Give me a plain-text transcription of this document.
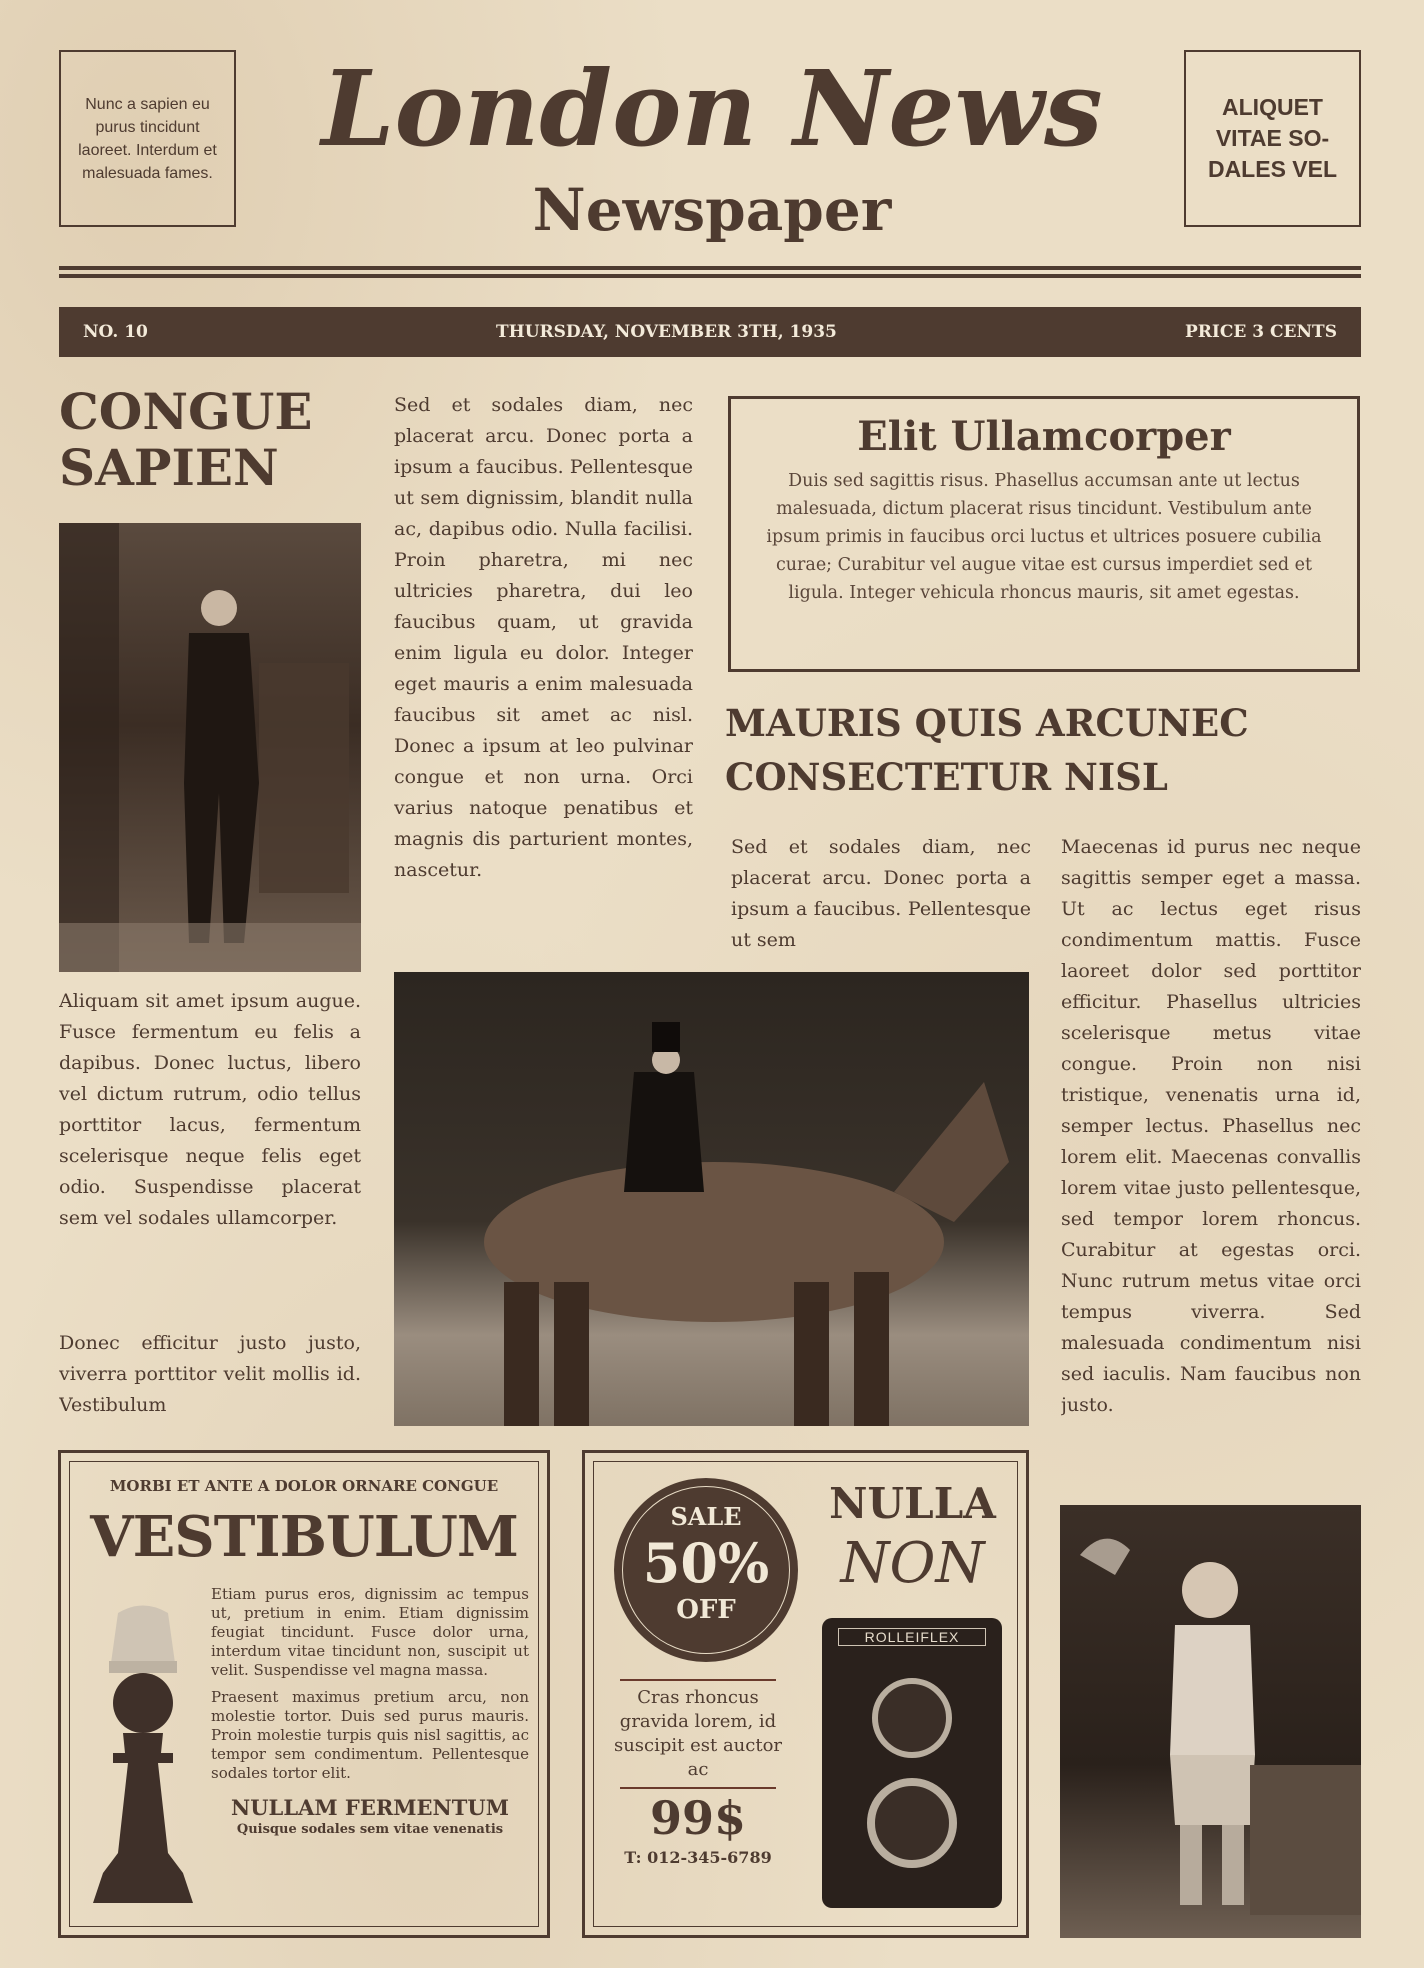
Nunc a sapien eu purus tincidunt laoreet. Interdum et malesuada fames.
London News
Newspaper
ALIQUET VITAE SO-DALES VEL
NO. 10	THURSDAY, NOVEMBER 3TH, 1935	PRICE 3 CENTS
CONGUE SAPIEN
Sed et sodales diam, nec placerat arcu. Donec porta a ipsum a faucibus. Pellentesque ut sem dignissim, blandit nulla ac, dapibus odio. Nulla facilisi. Proin pharetra, mi nec ultricies pharetra, dui leo faucibus quam, ut gravida enim ligula eu dolor. Integer eget mauris a enim malesuada faucibus sit amet ac nisl. Donec a ipsum at leo pulvinar congue et non urna. Orci varius natoque penatibus et magnis dis parturient montes, nascetur.
Aliquam sit amet ipsum augue. Fusce fermentum eu felis a dapibus. Donec luctus, libero vel dictum rutrum, odio tellus porttitor lacus, fermentum scelerisque neque felis eget odio. Suspendisse placerat sem vel sodales ullamcorper.
Donec efficitur justo justo, viverra porttitor velit mollis id. Vestibulum
Elit Ullamcorper
Duis sed sagittis risus. Phasellus accumsan ante ut lectus malesuada, dictum placerat risus tincidunt. Vestibulum ante ipsum primis in faucibus orci luctus et ultrices posuere cubilia curae; Curabitur vel augue vitae est cursus imperdiet sed et ligula. Integer vehicula rhoncus mauris, sit amet egestas.
MAURIS QUIS ARCUNEC CONSECTETUR NISL
Sed et sodales diam, nec placerat arcu. Donec porta a ipsum a faucibus. Pellentesque ut sem
Maecenas id purus nec neque sagittis semper eget a massa. Ut ac lectus eget risus condimentum mattis. Fusce laoreet dolor sed porttitor efficitur. Phasellus ultricies scelerisque metus vitae congue. Proin non nisi tristique, venenatis urna id, semper lectus. Phasellus nec lorem elit. Maecenas convallis lorem vitae justo pellentesque, sed tempor lorem rhoncus. Curabitur at egestas orci. Nunc rutrum metus vitae orci tempus viverra. Sed malesuada condimentum nisi sed iaculis. Nam faucibus non justo.
MORBI ET ANTE A DOLOR ORNARE CONGUE
VESTIBULUM

Etiam purus eros, dignissim ac tempus ut, pretium in enim. Etiam dignissim feugiat tincidunt. Fusce dolor urna, interdum vitae tincidunt non, suscipit ut velit. Suspendisse vel magna massa.

Praesent maximus pretium arcu, non molestie tortor. Duis sed purus mauris. Proin molestie turpis quis nisl sagittis, ac tempor sem condimentum. Pellentesque sodales tortor elit.

NULLAM FERMENTUM
Quisque sodales sem vitae venenatis
SALE
50%
OFF
NULLA
NON
Cras rhoncus gravida lorem, id suscipit est auctor ac
99$
T: 012-345-6789
ROLLEIFLEX
